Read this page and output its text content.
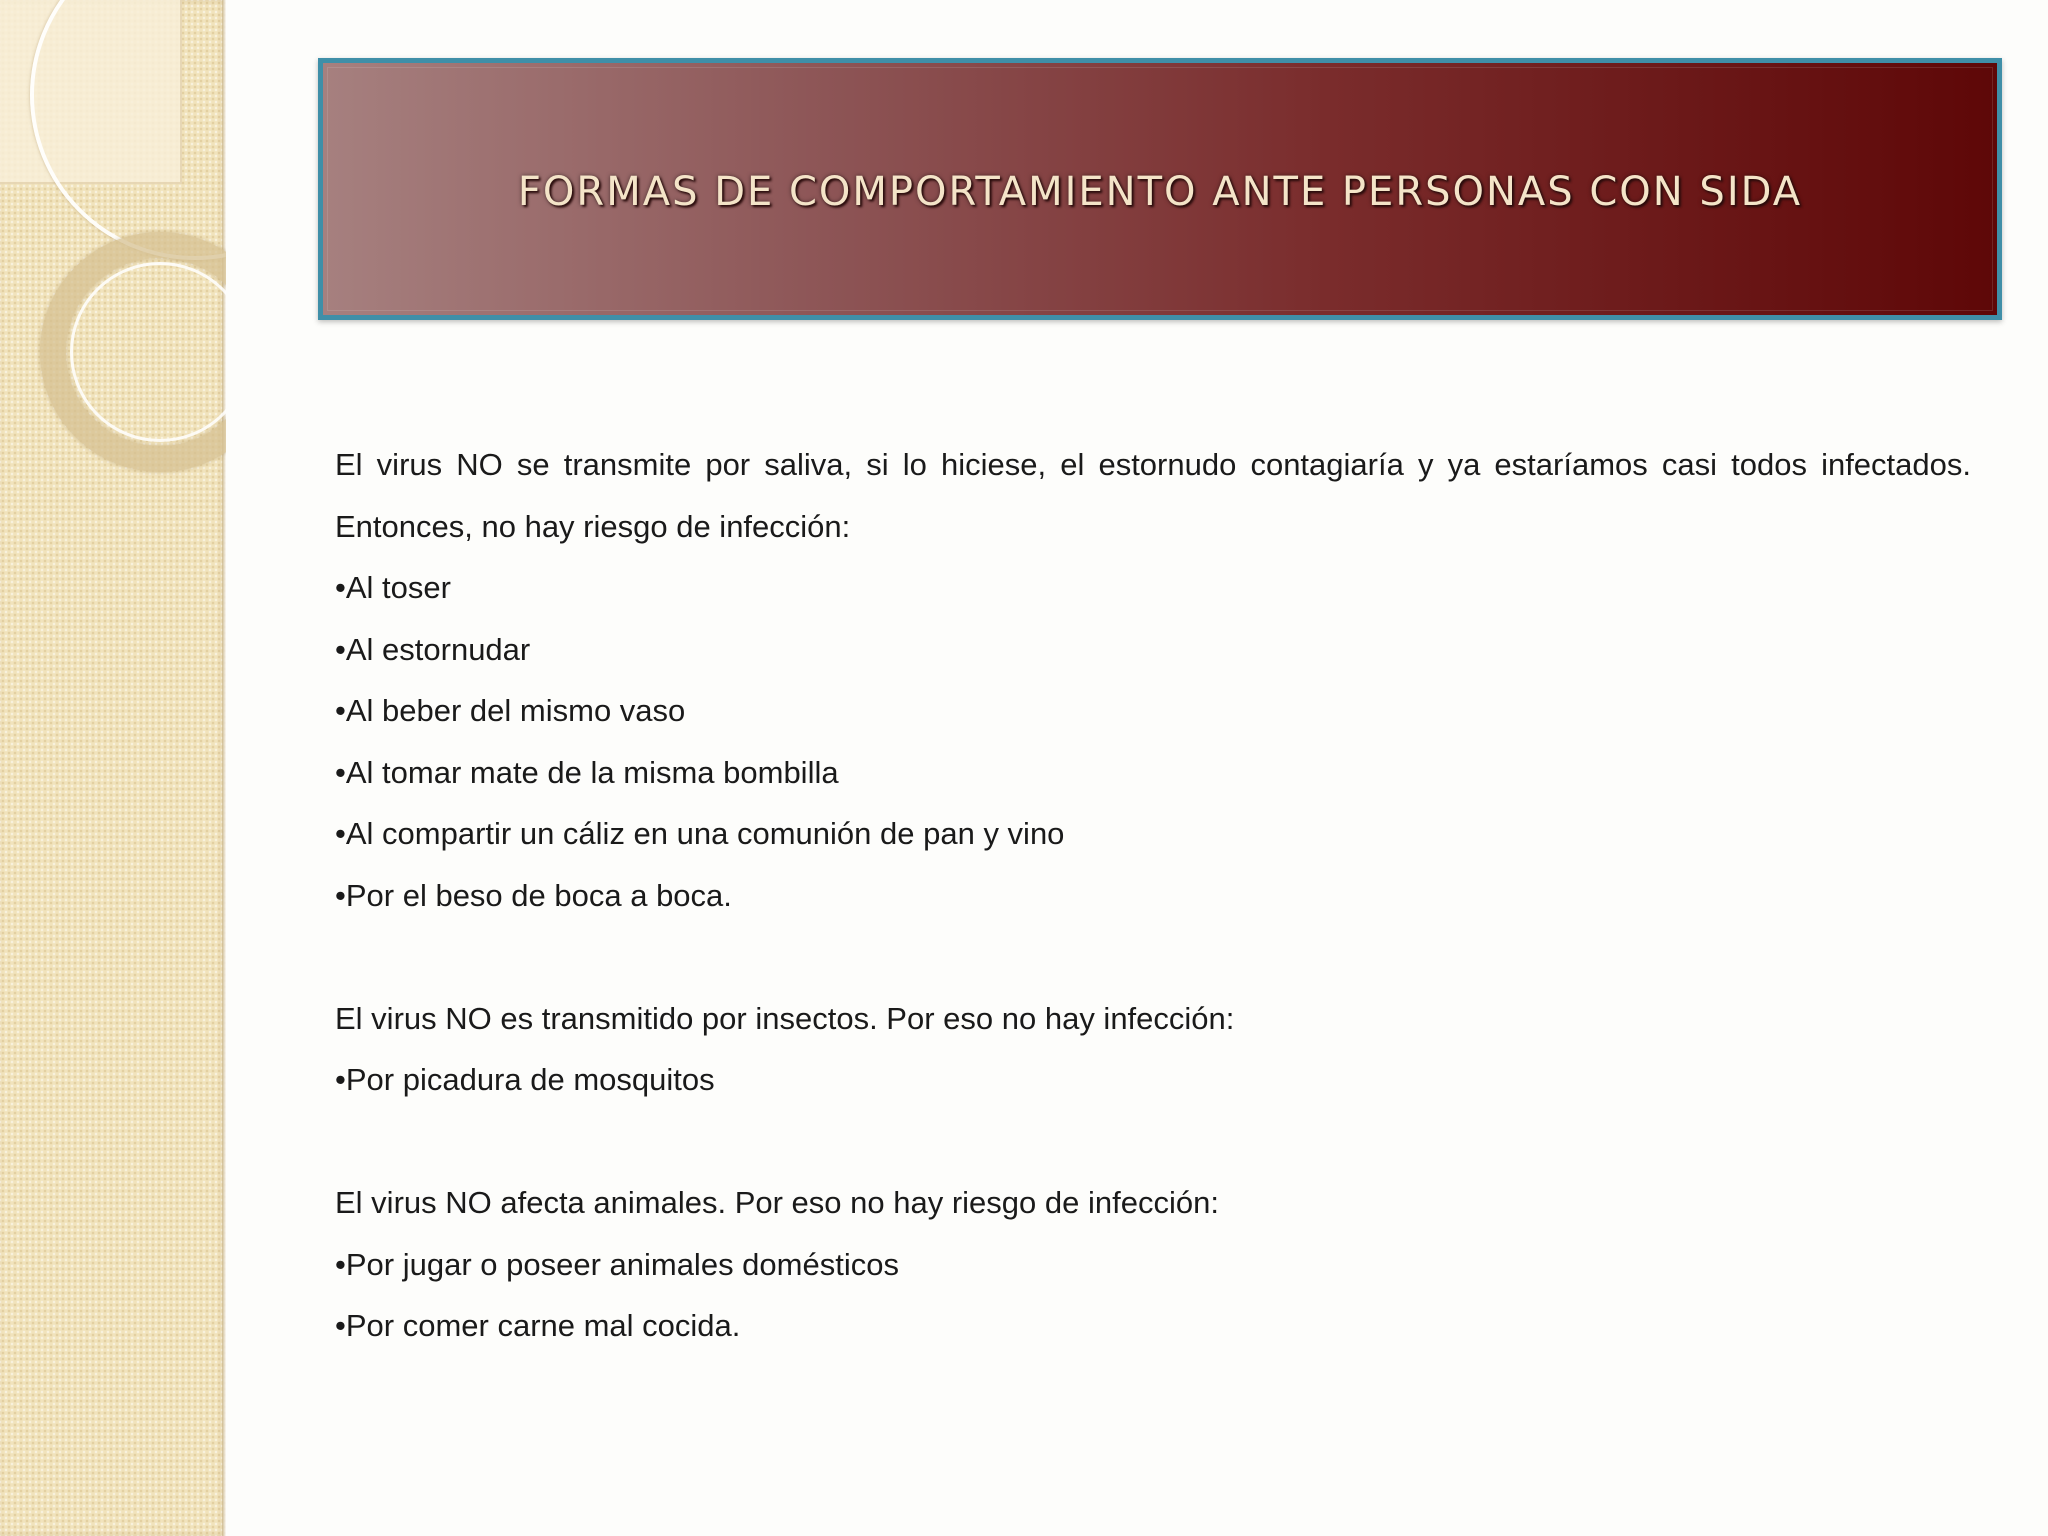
FORMAS DE COMPORTAMIENTO ANTE PERSONAS CON SIDA

El virus NO se transmite por saliva, si lo hiciese, el estornudo contagiaría y ya estaríamos casi todos infectados. Entonces, no hay riesgo de infección:

•Al toser

•Al estornudar

•Al beber del mismo vaso

•Al tomar mate de la misma bombilla

•Al compartir un cáliz en una comunión de pan y vino

•Por el beso de boca a boca.

El virus NO es transmitido por insectos. Por eso no hay infección:

•Por picadura de mosquitos

El virus NO afecta animales. Por eso no hay riesgo de infección:

•Por jugar o poseer animales domésticos

•Por comer carne mal cocida.
